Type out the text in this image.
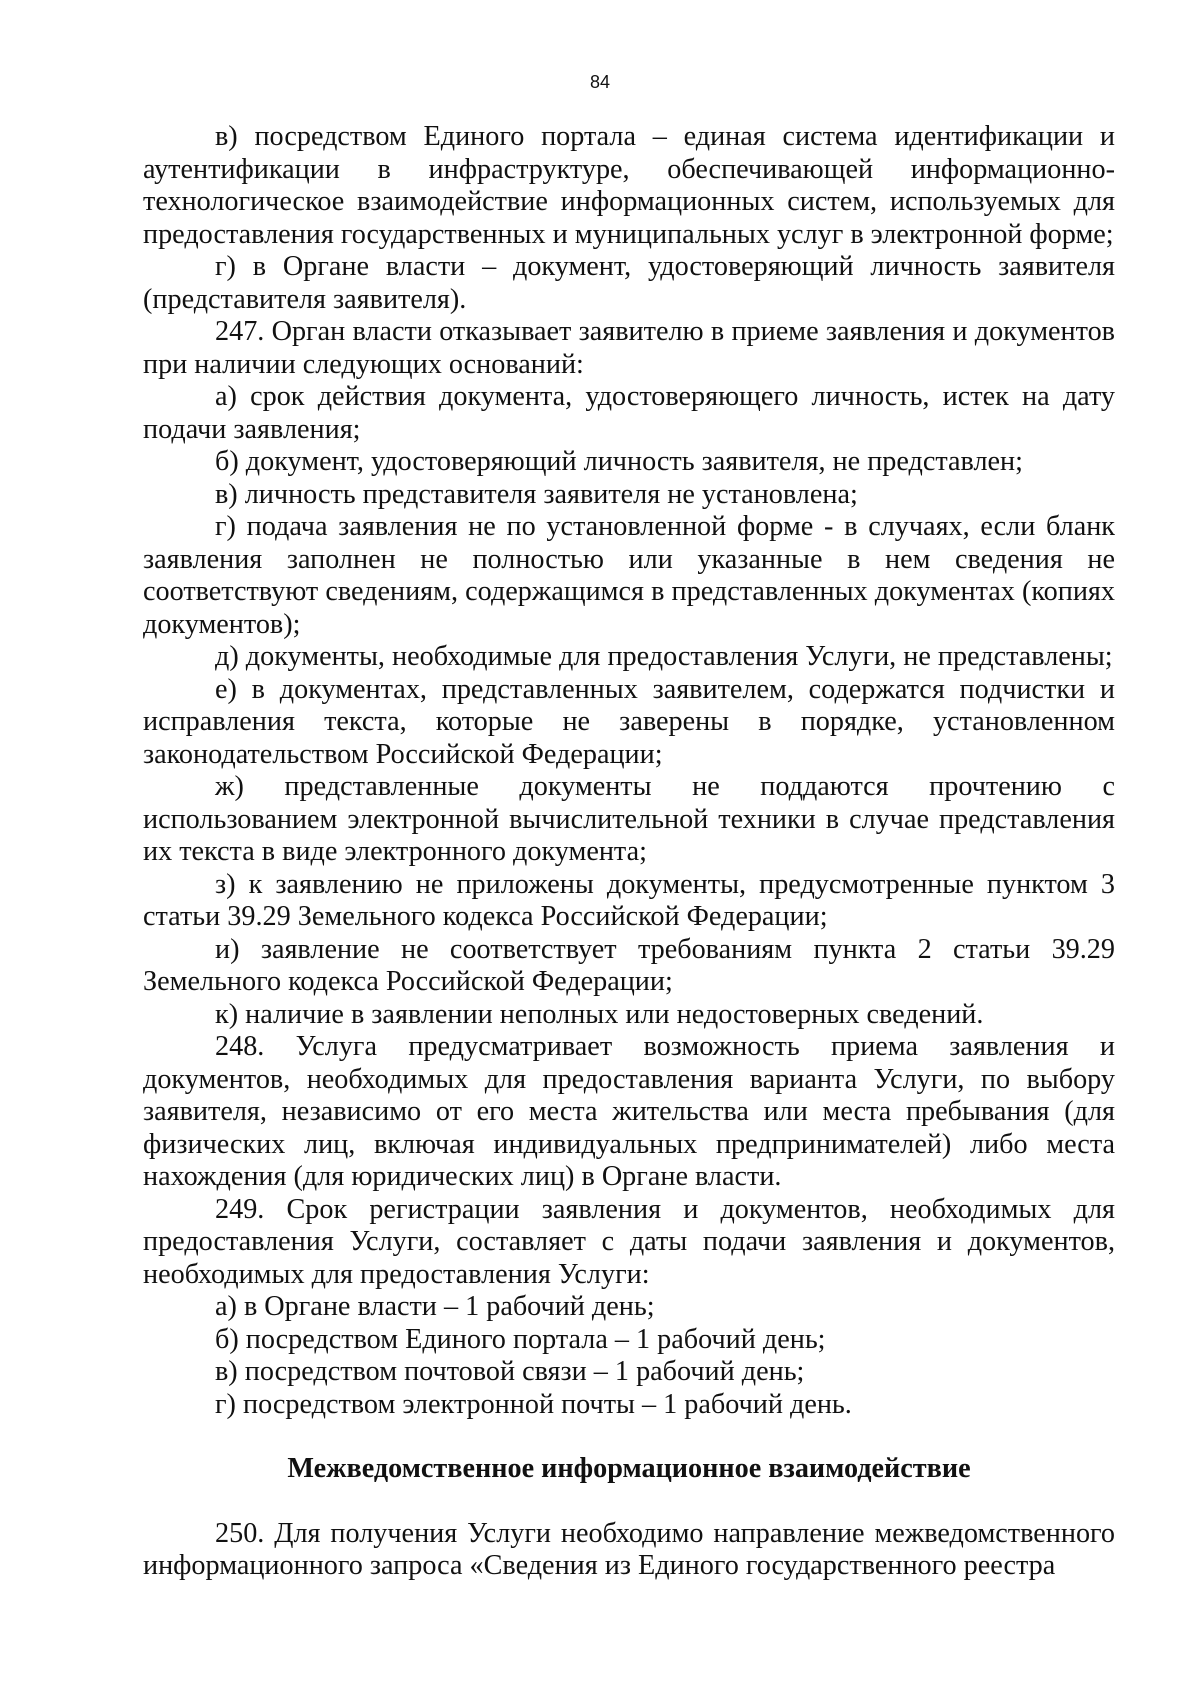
84

в) посредством Единого портала – единая система идентификации и аутентификации в инфраструктуре, обеспечивающей информационно-технологическое взаимодействие информационных систем, используемых для предоставления государственных и муниципальных услуг в электронной форме;

г) в Органе власти – документ, удостоверяющий личность заявителя (представителя заявителя).

247. Орган власти отказывает заявителю в приеме заявления и документов при наличии следующих оснований:

а) срок действия документа, удостоверяющего личность, истек на дату подачи заявления;

б) документ, удостоверяющий личность заявителя, не представлен;

в) личность представителя заявителя не установлена;

г) подача заявления не по установленной форме - в случаях, если бланк заявления заполнен не полностью или указанные в нем сведения не соответствуют сведениям, содержащимся в представленных документах (копиях документов);

д) документы, необходимые для предоставления Услуги, не представлены;

е) в документах, представленных заявителем, содержатся подчистки и исправления текста, которые не заверены в порядке, установленном законодательством Российской Федерации;

ж) представленные документы не поддаются прочтению с использованием электронной вычислительной техники в случае представления их текста в виде электронного документа;

з) к заявлению не приложены документы, предусмотренные пунктом 3 статьи 39.29 Земельного кодекса Российской Федерации;

и) заявление не соответствует требованиям пункта 2 статьи 39.29 Земельного кодекса Российской Федерации;

к) наличие в заявлении неполных или недостоверных сведений.

248. Услуга предусматривает возможность приема заявления и документов, необходимых для предоставления варианта Услуги, по выбору заявителя, независимо от его места жительства или места пребывания (для физических лиц, включая индивидуальных предпринимателей) либо места нахождения (для юридических лиц) в Органе власти.

249. Срок регистрации заявления и документов, необходимых для предоставления Услуги, составляет с даты подачи заявления и документов, необходимых для предоставления Услуги:

а) в Органе власти – 1 рабочий день;

б) посредством Единого портала – 1 рабочий день;

в) посредством почтовой связи – 1 рабочий день;

г) посредством электронной почты – 1 рабочий день.

Межведомственное информационное взаимодействие

250. Для получения Услуги необходимо направление межведомственного информационного запроса «Сведения из Единого государственного реестра
